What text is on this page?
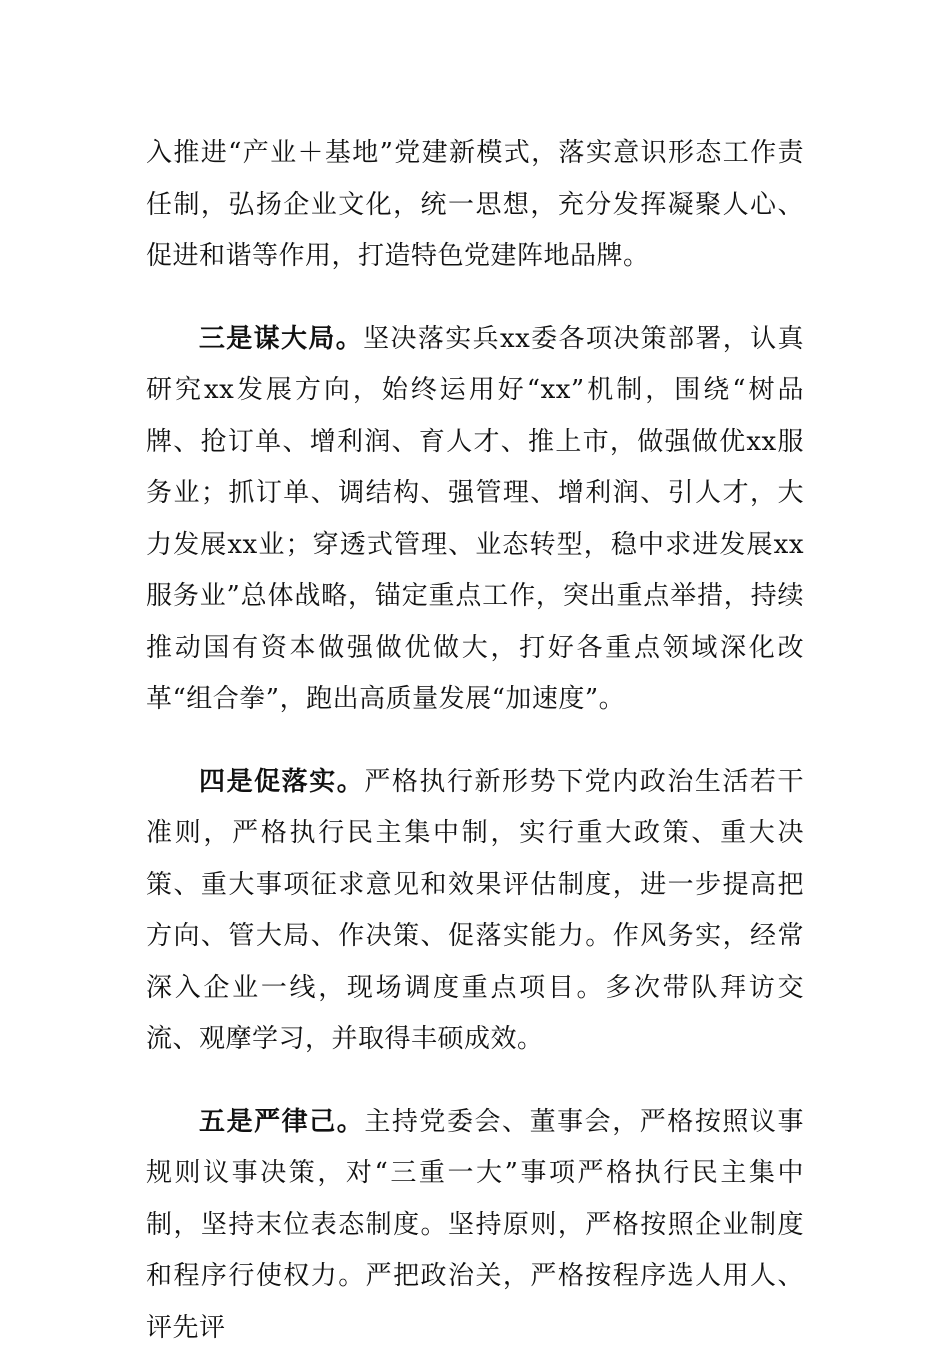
入推进“产业＋基地”党建新模式，落实意识形态工作责任制，弘扬企业文化，统一思想，充分发挥凝聚人心、促进和谐等作用，打造特色党建阵地品牌。

三是谋大局。坚决落实兵xx委各项决策部署，认真研究xx发展方向，始终运用好“xx”机制，围绕“树品牌、抢订单、增利润、育人才、推上市，做强做优xx服务业；抓订单、调结构、强管理、增利润、引人才，大力发展xx业；穿透式管理、业态转型，稳中求进发展xx服务业”总体战略，锚定重点工作，突出重点举措，持续推动国有资本做强做优做大，打好各重点领域深化改革“组合拳”，跑出高质量发展“加速度”。

四是促落实。严格执行新形势下党内政治生活若干准则，严格执行民主集中制，实行重大政策、重大决策、重大事项征求意见和效果评估制度，进一步提高把方向、管大局、作决策、促落实能力。作风务实，经常深入企业一线，现场调度重点项目。多次带队拜访交流、观摩学习，并取得丰硕成效。

五是严律己。主持党委会、董事会，严格按照议事规则议事决策，对“三重一大”事项严格执行民主集中制，坚持末位表态制度。坚持原则，严格按照企业制度和程序行使权力。严把政治关，严格按程序选人用人、评先评
